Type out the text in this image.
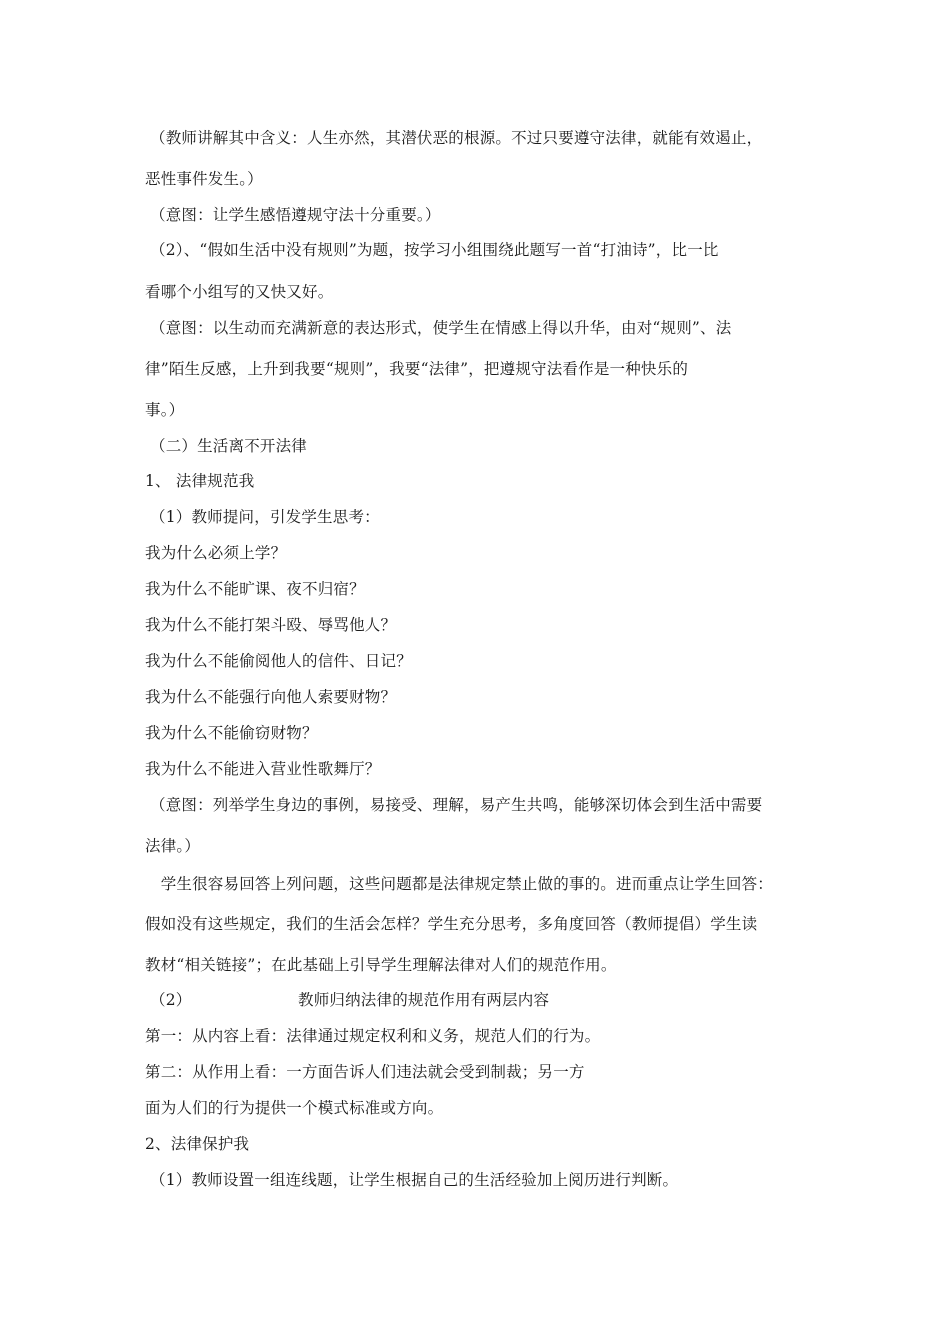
（教师讲解其中含义：人生亦然，其潜伏恶的根源。不过只要遵守法律，就能有效遏止，
恶性事件发生。）
（意图：让学生感悟遵规守法十分重要。）
（2）、“假如生活中没有规则”为题，按学习小组围绕此题写一首“打油诗”，比一比
看哪个小组写的又快又好。
（意图：以生动而充满新意的表达形式，使学生在情感上得以升华，由对“规则”、法
律”陌生反感，上升到我要“规则”，我要“法律”，把遵规守法看作是一种快乐的
事。）
（二）生活离不开法律
1、 法律规范我
（1）教师提问，引发学生思考：
我为什么必须上学？
我为什么不能旷课、夜不归宿？
我为什么不能打架斗殴、辱骂他人？
我为什么不能偷阅他人的信件、日记？
我为什么不能强行向他人索要财物？
我为什么不能偷窃财物？
我为什么不能进入营业性歌舞厅？
（意图：列举学生身边的事例，易接受、理解，易产生共鸣，能够深切体会到生活中需要
法律。）
　学生很容易回答上列问题，这些问题都是法律规定禁止做的事的。进而重点让学生回答：
假如没有这些规定，我们的生活会怎样？学生充分思考，多角度回答（教师提倡）学生读
教材“相关链接”；在此基础上引导学生理解法律对人们的规范作用。
（2）	教师归纳法律的规范作用有两层内容
第一：从内容上看：法律通过规定权利和义务，规范人们的行为。
第二：从作用上看：一方面告诉人们违法就会受到制裁；另一方
面为人们的行为提供一个模式标准或方向。
2、法律保护我
（1）教师设置一组连线题，让学生根据自己的生活经验加上阅历进行判断。
